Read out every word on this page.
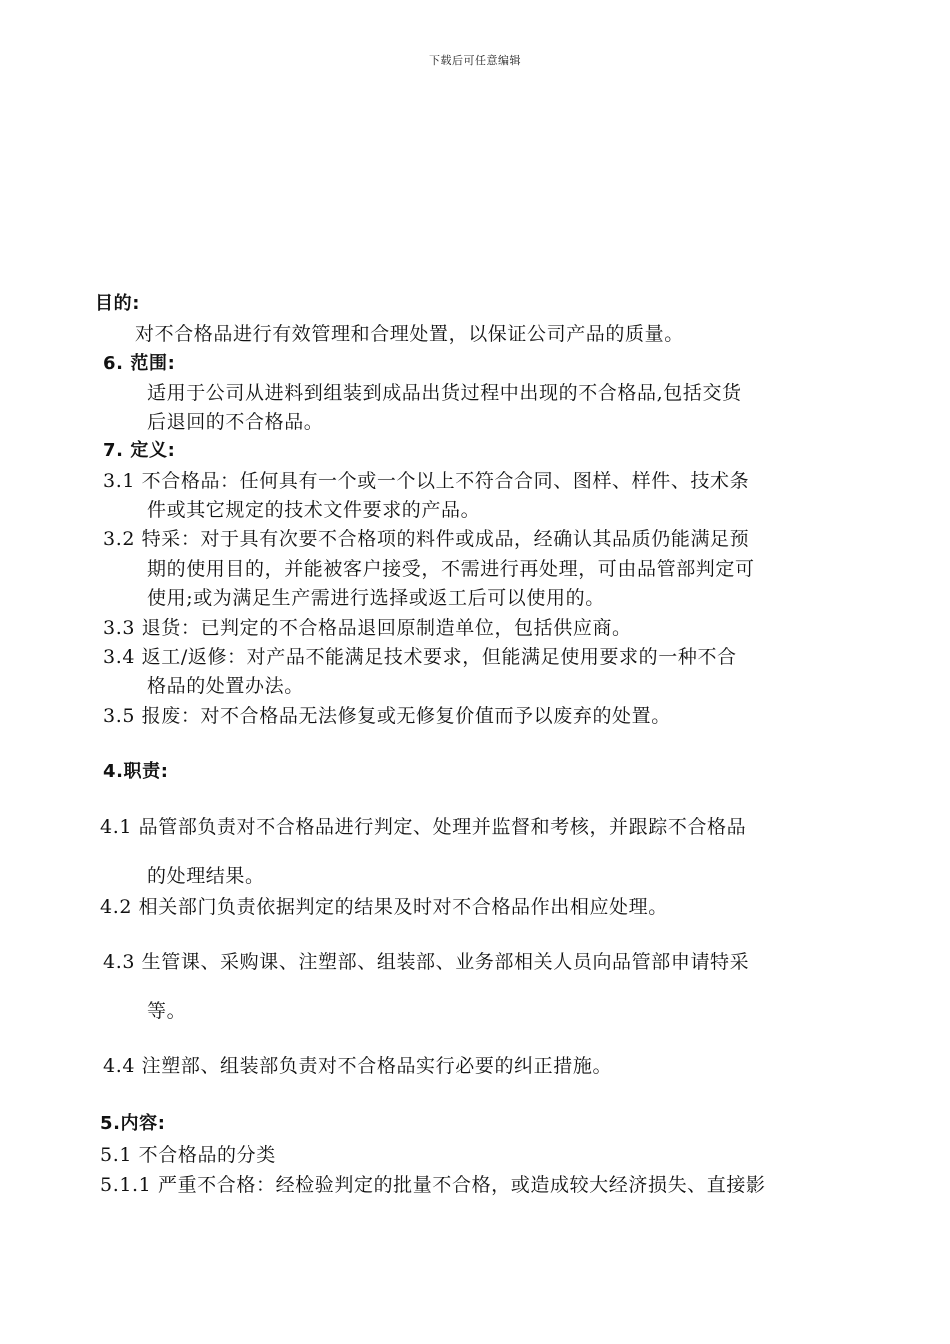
下载后可任意编辑
目的:
对不合格品进行有效管理和合理处置，以保证公司产品的质量。
6. 范围:
适用于公司从进料到组装到成品出货过程中出现的不合格品,包括交货
后退回的不合格品。
7. 定义:
3.1 不合格品：任何具有一个或一个以上不符合合同、图样、样件、技术条
件或其它规定的技术文件要求的产品。
3.2 特采：对于具有次要不合格项的料件或成品，经确认其品质仍能满足预
期的使用目的，并能被客户接受，不需进行再处理，可由品管部判定可
使用;或为满足生产需进行选择或返工后可以使用的。
3.3 退货：已判定的不合格品退回原制造单位，包括供应商。
3.4 返工/返修：对产品不能满足技术要求，但能满足使用要求的一种不合
格品的处置办法。
3.5 报废：对不合格品无法修复或无修复价值而予以废弃的处置。
4.职责:
4.1 品管部负责对不合格品进行判定、处理并监督和考核，并跟踪不合格品
的处理结果。
4.2 相关部门负责依据判定的结果及时对不合格品作出相应处理。
4.3 生管课、采购课、注塑部、组装部、业务部相关人员向品管部申请特采
等。
4.4 注塑部、组装部负责对不合格品实行必要的纠正措施。
5.内容:
5.1 不合格品的分类
5.1.1 严重不合格：经检验判定的批量不合格，或造成较大经济损失、直接影
